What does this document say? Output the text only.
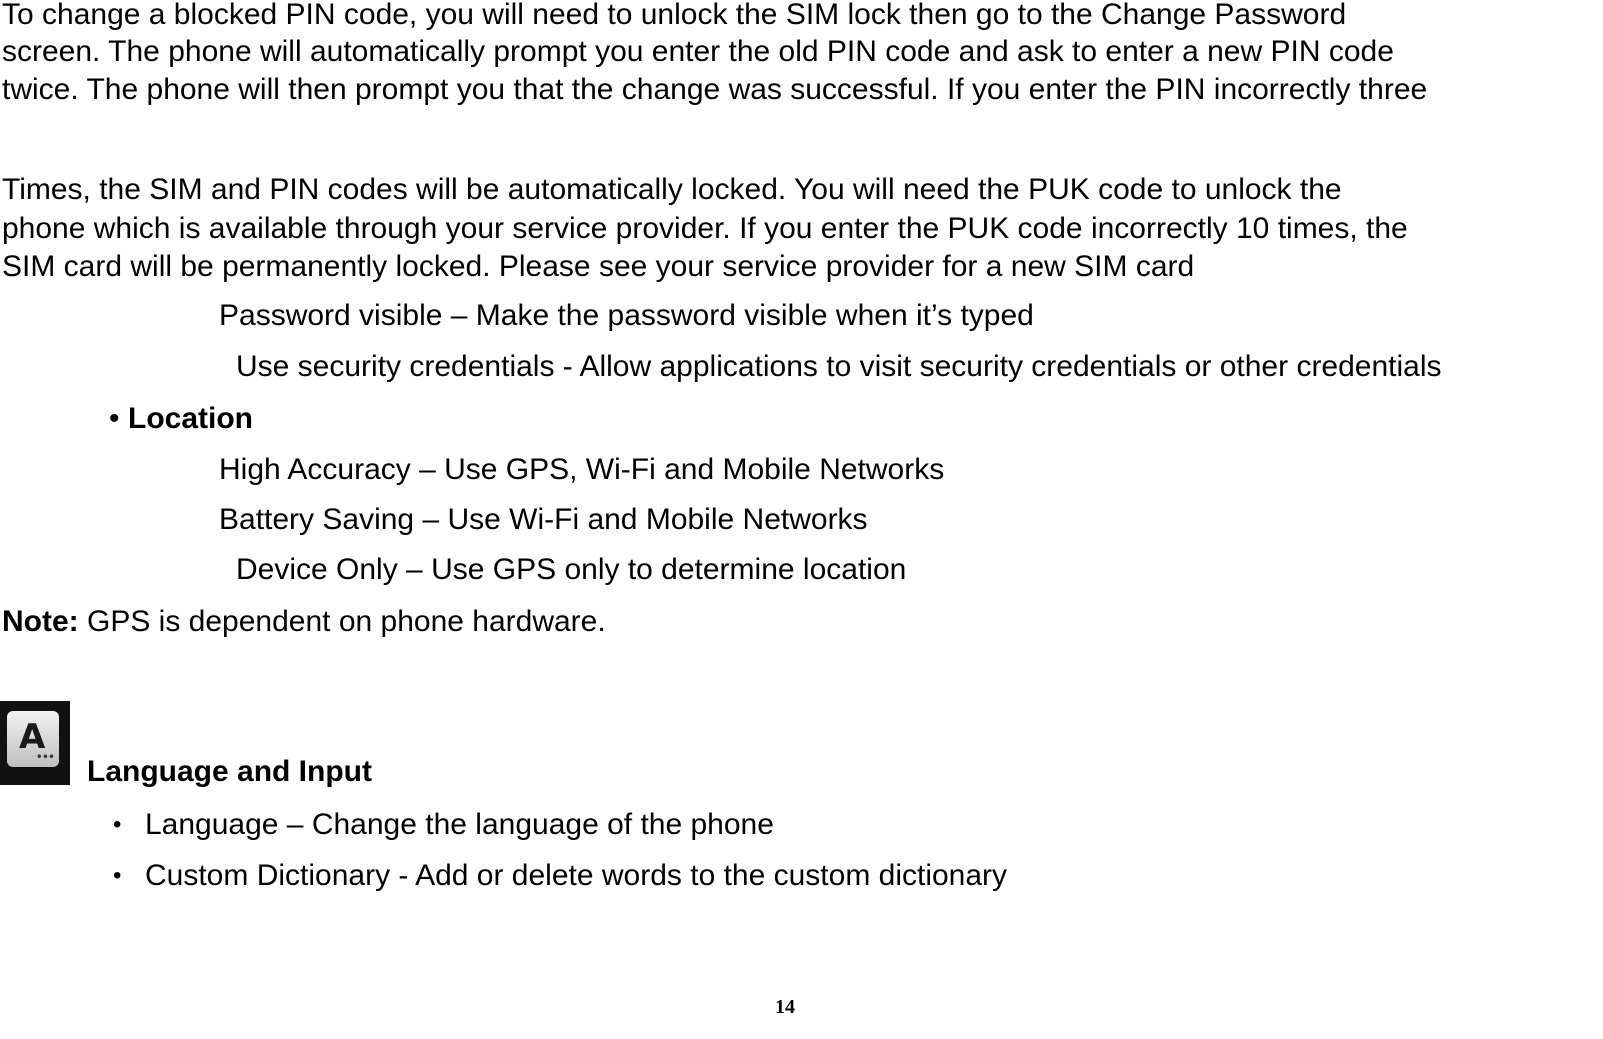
To change a blocked PIN code, you will need to unlock the SIM lock then go to the Change Password
screen. The phone will automatically prompt you enter the old PIN code and ask to enter a new PIN code
twice. The phone will then prompt you that the change was successful. If you enter the PIN incorrectly three
Times, the SIM and PIN codes will be automatically locked. You will need the PUK code to unlock the
phone which is available through your service provider. If you enter the PUK code incorrectly 10 times, the
SIM card will be permanently locked. Please see your service provider for a new SIM card
Password visible – Make the password visible when it’s typed
Use security credentials - Allow applications to visit security credentials or other credentials
• Location
High Accuracy – Use GPS, Wi-Fi and Mobile Networks
Battery Saving – Use Wi-Fi and Mobile Networks
Device Only – Use GPS only to determine location
Note: GPS is dependent on phone hardware.
A
••• Language and Input
• Language – Change the language of the phone
• Custom Dictionary - Add or delete words to the custom dictionary
14
